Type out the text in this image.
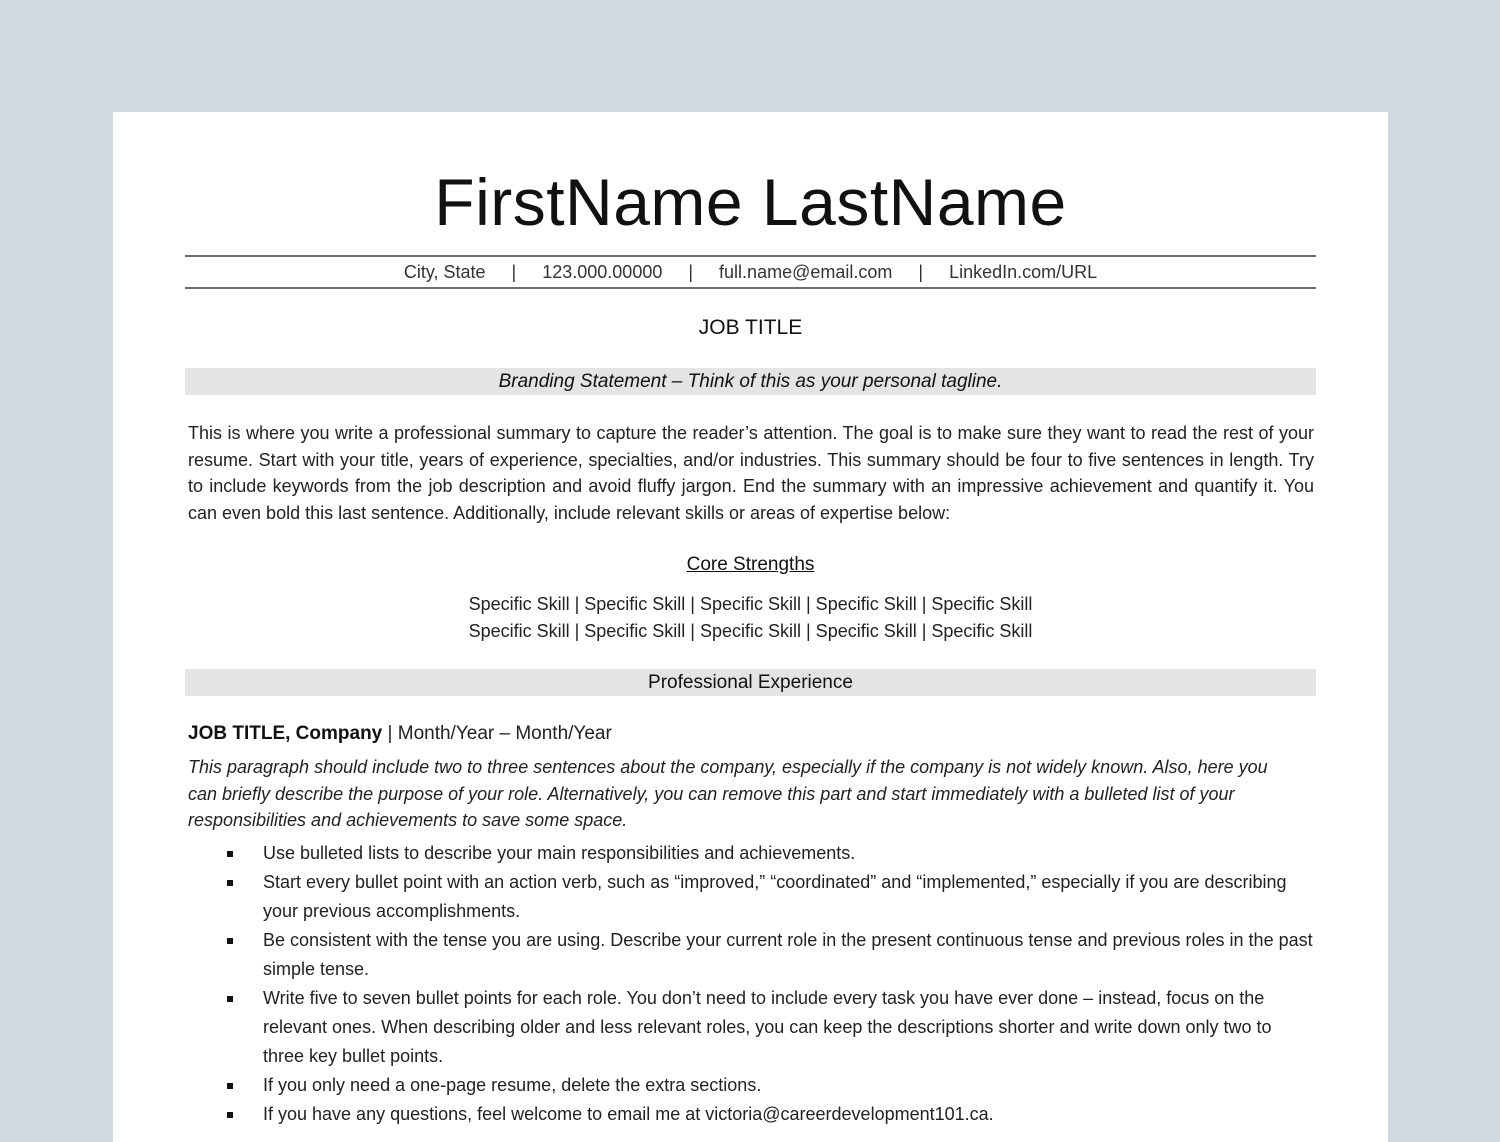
FirstName LastName
City, State | 123.000.00000 | full.name@email.com | LinkedIn.com/URL
JOB TITLE
Branding Statement – Think of this as your personal tagline.
This is where you write a professional summary to capture the reader’s attention. The goal is to make sure they want to read the rest of your resume. Start with your title, years of experience, specialties, and/or industries. This summary should be four to five sentences in length. Try to include keywords from the job description and avoid fluffy jargon. End the summary with an impressive achievement and quantify it. You can even bold this last sentence. Additionally, include relevant skills or areas of expertise below:
Core Strengths
Specific Skill | Specific Skill | Specific Skill | Specific Skill | Specific Skill
Specific Skill | Specific Skill | Specific Skill | Specific Skill | Specific Skill
Professional Experience
JOB TITLE, Company | Month/Year – Month/Year
This paragraph should include two to three sentences about the company, especially if the company is not widely known. Also, here you can briefly describe the purpose of your role. Alternatively, you can remove this part and start immediately with a bulleted list of your responsibilities and achievements to save some space.
Use bulleted lists to describe your main responsibilities and achievements.
Start every bullet point with an action verb, such as “improved,” “coordinated” and “implemented,” especially if you are describing your previous accomplishments.
Be consistent with the tense you are using. Describe your current role in the present continuous tense and previous roles in the past simple tense.
Write five to seven bullet points for each role. You don’t need to include every task you have ever done – instead, focus on the relevant ones. When describing older and less relevant roles, you can keep the descriptions shorter and write down only two to three key bullet points.
If you only need a one-page resume, delete the extra sections.
If you have any questions, feel welcome to email me at victoria@careerdevelopment101.ca.
